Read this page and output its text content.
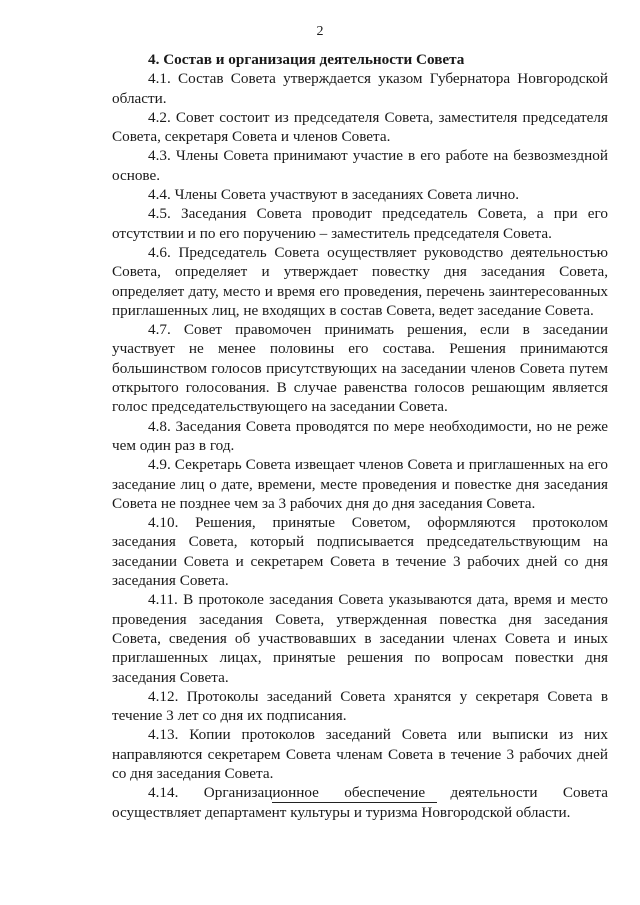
2

4. Состав и организация деятельности Совета

4.1. Состав Совета утверждается указом Губернатора Новгородской области.

4.2. Совет состоит из председателя Совета, заместителя председателя Совета, секретаря Совета и членов Совета.

4.3. Члены Совета принимают участие в его работе на безвозмездной основе.

4.4. Члены Совета участвуют в заседаниях Совета лично.

4.5. Заседания Совета проводит председатель Совета, а при его отсутствии и по его поручению – заместитель председателя Совета.

4.6. Председатель Совета осуществляет руководство деятельностью Совета, определяет и утверждает повестку дня заседания Совета, определяет дату, место и время его проведения, перечень заинтересованных приглашенных лиц, не входящих в состав Совета, ведет заседание Совета.

4.7. Совет правомочен принимать решения, если в заседании участвует не менее половины его состава. Решения принимаются большинством голосов присутствующих на заседании членов Совета путем открытого голосования. В случае равенства голосов решающим является голос председательствующего на заседании Совета.

4.8. Заседания Совета проводятся по мере необходимости, но не реже чем один раз в год.

4.9. Секретарь Совета извещает членов Совета и приглашенных на его заседание лиц о дате, времени, месте проведения и повестке дня заседания Совета не позднее чем за 3 рабочих дня до дня заседания Совета.

4.10. Решения, принятые Советом, оформляются протоколом заседания Совета, который подписывается председательствующим на заседании Совета и секретарем Совета в течение 3 рабочих дней со дня заседания Совета.

4.11. В протоколе заседания Совета указываются дата, время и место проведения заседания Совета, утвержденная повестка дня заседания Совета, сведения об участвовавших в заседании членах Совета и иных приглашенных лицах, принятые решения по вопросам повестки дня заседания Совета.

4.12. Протоколы заседаний Совета хранятся у секретаря Совета в течение 3 лет со дня их подписания.

4.13. Копии протоколов заседаний Совета или выписки из них направляются секретарем Совета членам Совета в течение 3 рабочих дней со дня заседания Совета.

4.14. Организационное обеспечение деятельности Совета осуществляет департамент культуры и туризма Новгородской области.
